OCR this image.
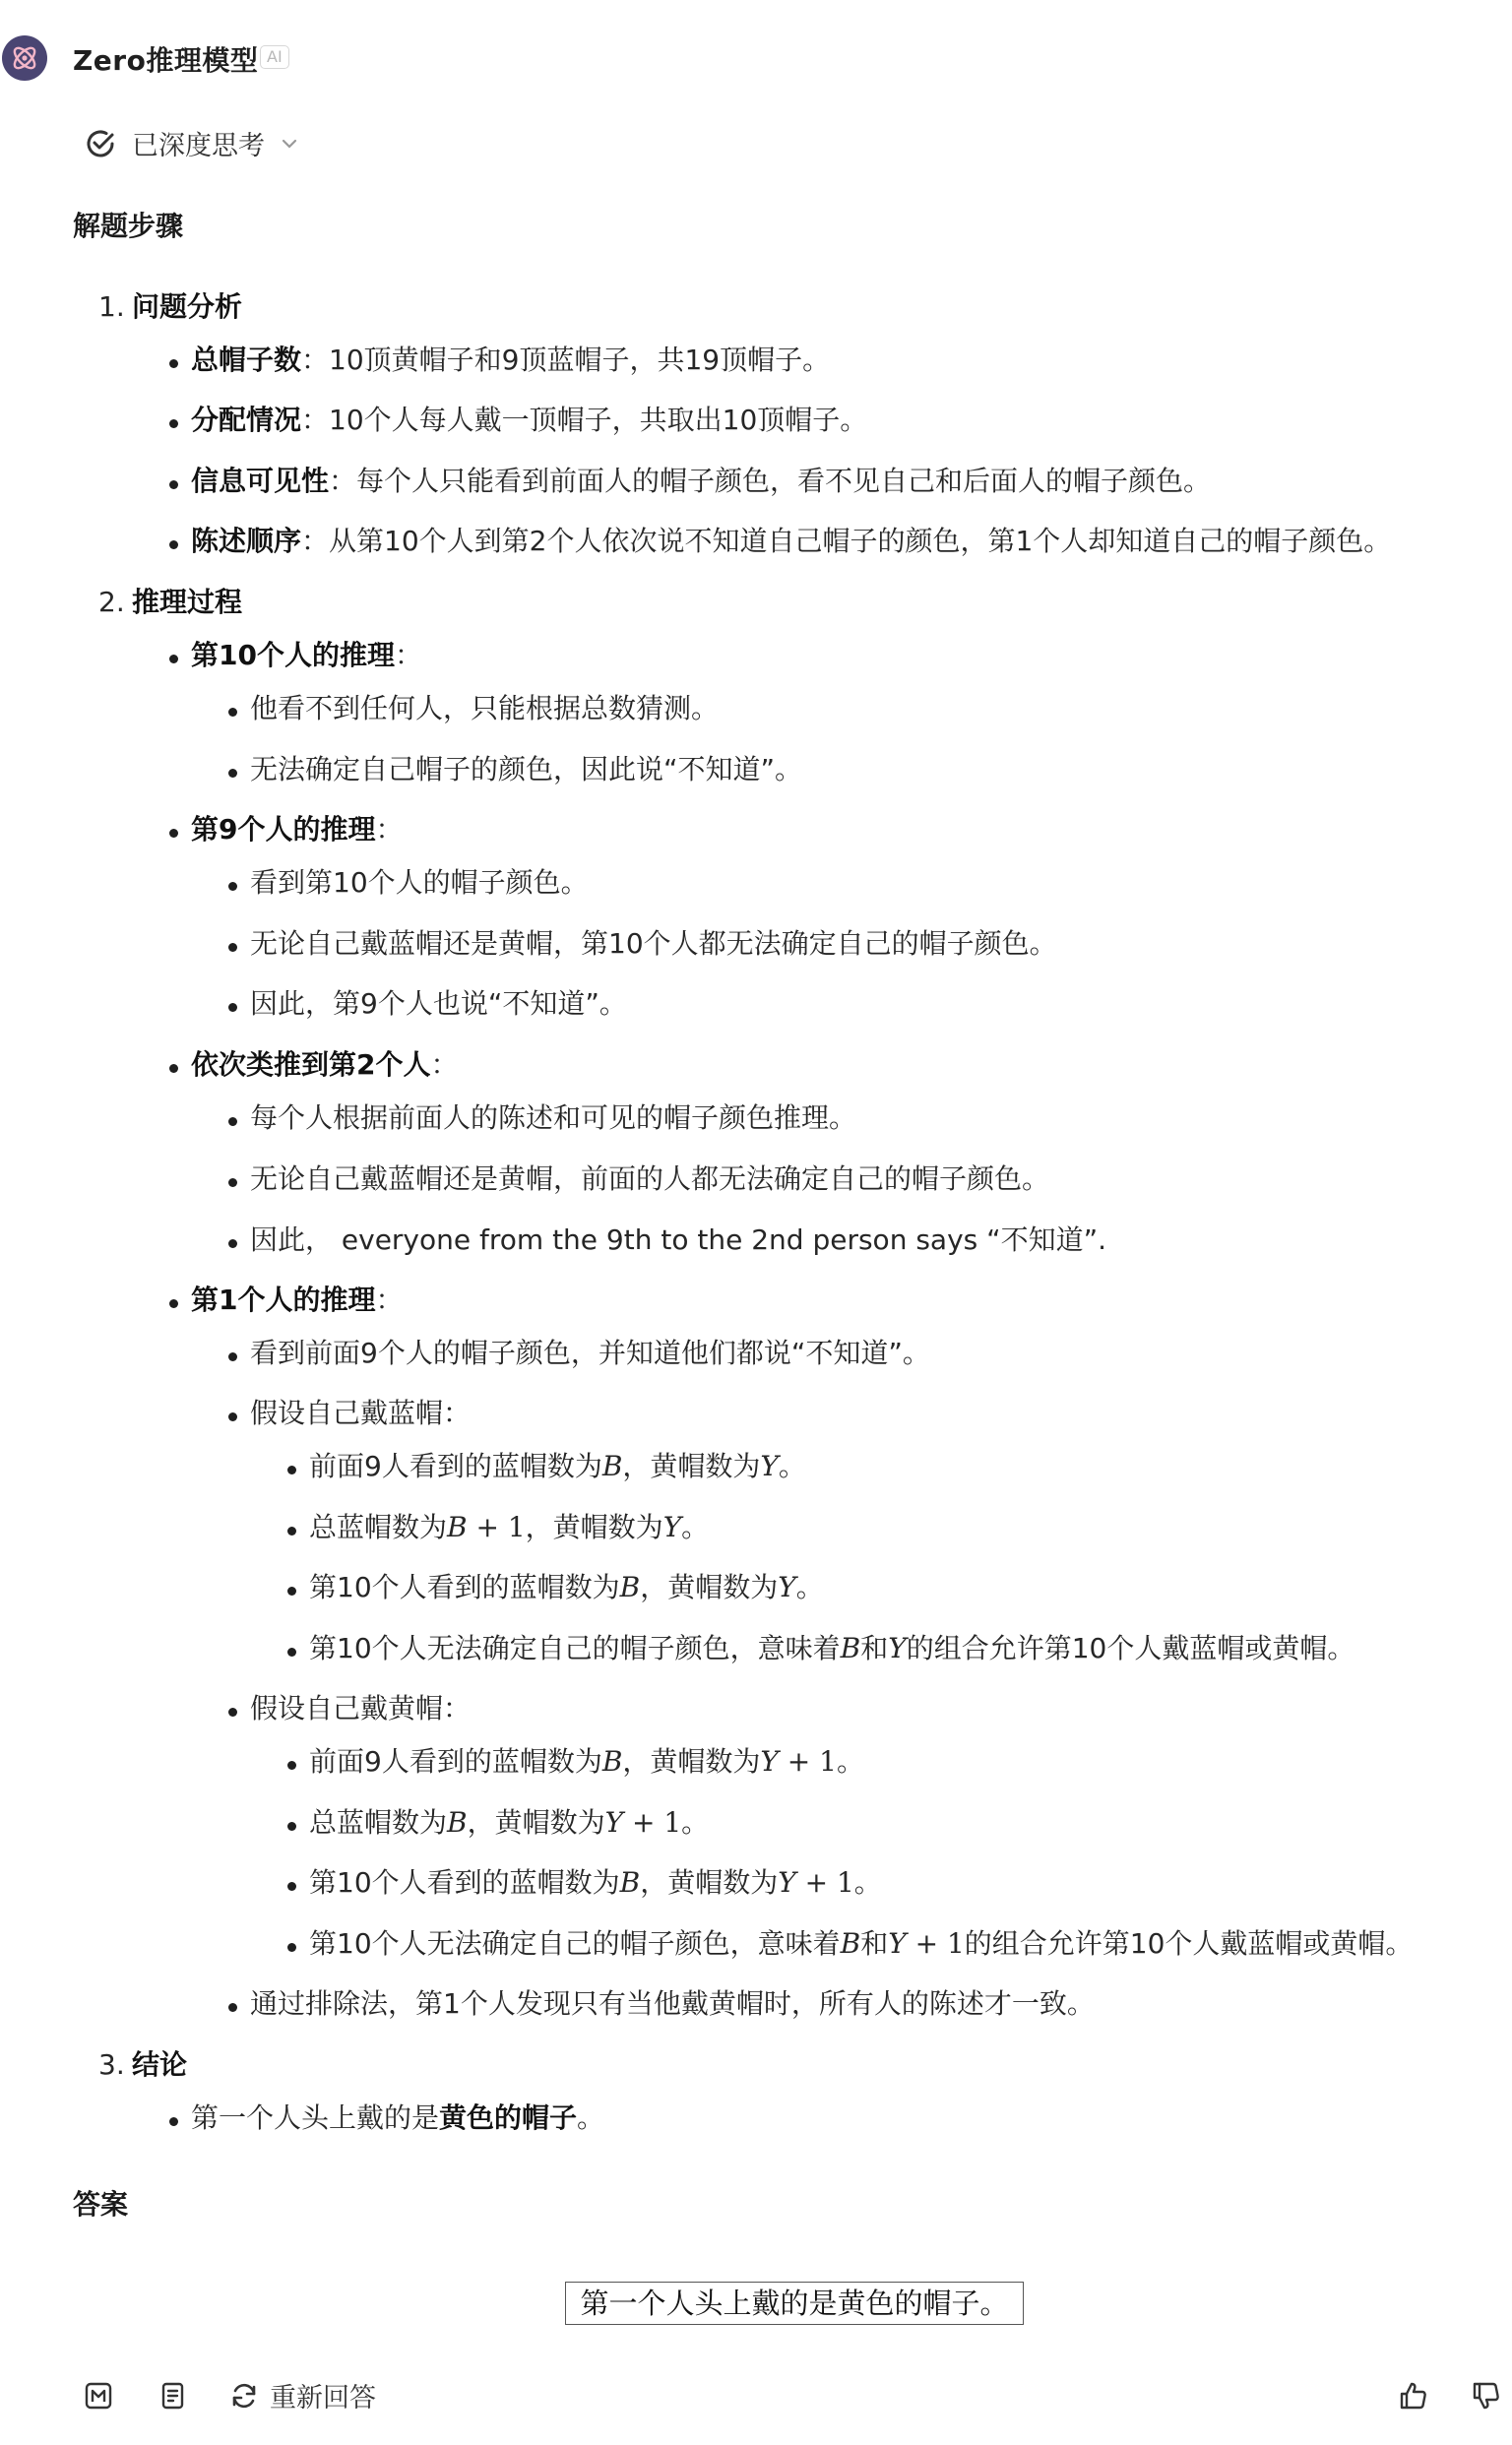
Zero推理模型 AI
已深度思考
解题步骤
1. 问题分析
总帽子数：10顶黄帽子和9顶蓝帽子，共19顶帽子。
分配情况：10个人每人戴一顶帽子，共取出10顶帽子。
信息可见性：每个人只能看到前面人的帽子颜色，看不见自己和后面人的帽子颜色。
陈述顺序：从第10个人到第2个人依次说不知道自己帽子的颜色，第1个人却知道自己的帽子颜色。
2. 推理过程
第10个人的推理：
他看不到任何人，只能根据总数猜测。
无法确定自己帽子的颜色，因此说“不知道”。
第9个人的推理：
看到第10个人的帽子颜色。
无论自己戴蓝帽还是黄帽，第10个人都无法确定自己的帽子颜色。
因此，第9个人也说“不知道”。
依次类推到第2个人：
每个人根据前面人的陈述和可见的帽子颜色推理。
无论自己戴蓝帽还是黄帽，前面的人都无法确定自己的帽子颜色。
因此， everyone from the 9th to the 2nd person says “不知道”.
第1个人的推理：
看到前面9个人的帽子颜色，并知道他们都说“不知道”。
假设自己戴蓝帽：
前面9人看到的蓝帽数为B，黄帽数为Y。
总蓝帽数为B + 1，黄帽数为Y。
第10个人看到的蓝帽数为B，黄帽数为Y。
第10个人无法确定自己的帽子颜色，意味着B和Y的组合允许第10个人戴蓝帽或黄帽。
假设自己戴黄帽：
前面9人看到的蓝帽数为B，黄帽数为Y + 1。
总蓝帽数为B，黄帽数为Y + 1。
第10个人看到的蓝帽数为B，黄帽数为Y + 1。
第10个人无法确定自己的帽子颜色，意味着B和Y + 1的组合允许第10个人戴蓝帽或黄帽。
通过排除法，第1个人发现只有当他戴黄帽时，所有人的陈述才一致。
3. 结论
第一个人头上戴的是黄色的帽子。
答案
第一个人头上戴的是黄色的帽子。
重新回答
